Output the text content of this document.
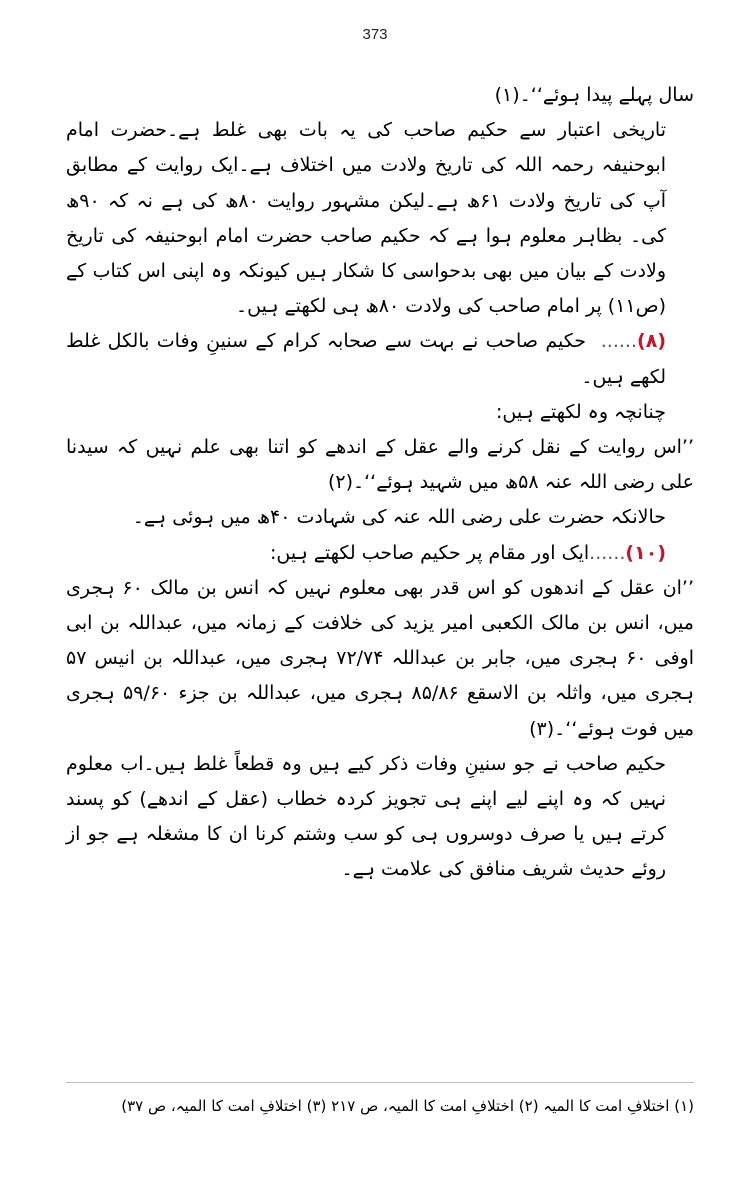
373

سال پہلے پیدا ہوئے‘‘۔(۱)

تاریخی اعتبار سے حکیم صاحب کی یہ بات بھی غلط ہے۔حضرت امام ابوحنیفہ رحمہ اللہ کی تاریخ ولادت میں اختلاف ہے۔ایک روایت کے مطابق آپ کی تاریخ ولادت ۶۱ھ ہے۔لیکن مشہور روایت ۸۰ھ کی ہے نہ کہ ۹۰ھ کی۔ بظاہر معلوم ہوا ہے کہ حکیم صاحب حضرت امام ابوحنیفہ کی تاریخ ولادت کے بیان میں بھی بدحواسی کا شکار ہیں کیونکہ وہ اپنی اس کتاب کے (ص۱۱) پر امام صاحب کی ولادت ۸۰ھ ہی لکھتے ہیں۔

(۸)......  حکیم صاحب نے بہت سے صحابہ کرام کے سنینِ وفات بالکل غلط لکھے ہیں۔

چنانچہ وہ لکھتے ہیں:

’’اس روایت کے نقل کرنے والے عقل کے اندھے کو اتنا بھی علم نہیں کہ سیدنا علی رضی اللہ عنہ ۵۸ھ میں شہید ہوئے‘‘۔(۲)

حالانکہ حضرت علی رضی اللہ عنہ کی شہادت ۴۰ھ میں ہوئی ہے۔

(۱۰)......ایک اور مقام پر حکیم صاحب لکھتے ہیں:

’’ان عقل کے اندھوں کو اس قدر بھی معلوم نہیں کہ انس بن مالک ۶۰ ہجری میں، انس بن مالک الکعبی امیر یزید کی خلافت کے زمانہ میں، عبداللہ بن ابی اوفی ۶۰ ہجری میں، جابر بن عبداللہ ۷۲/۷۴ ہجری میں، عبداللہ بن انیس ۵۷ ہجری میں، واثلہ بن الاسقع ۸۵/۸۶ ہجری میں، عبداللہ بن جزء ۵۹/۶۰ ہجری میں فوت ہوئے‘‘۔(۳)

حکیم صاحب نے جو سنینِ وفات ذکر کیے ہیں وہ قطعاً غلط ہیں۔اب معلوم نہیں کہ وہ اپنے لیے اپنے ہی تجویز کردہ خطاب (عقل کے اندھے) کو پسند کرتے ہیں یا صرف دوسروں ہی کو سب وشتم کرنا ان کا مشغلہ ہے جو از روئے حدیث شریف منافق کی علامت ہے۔

(۱) اختلافِ امت کا المیہ (۲) اختلافِ امت کا المیہ، ص ۲۱۷ (۳) اختلافِ امت کا المیہ، ص ۳۷)
